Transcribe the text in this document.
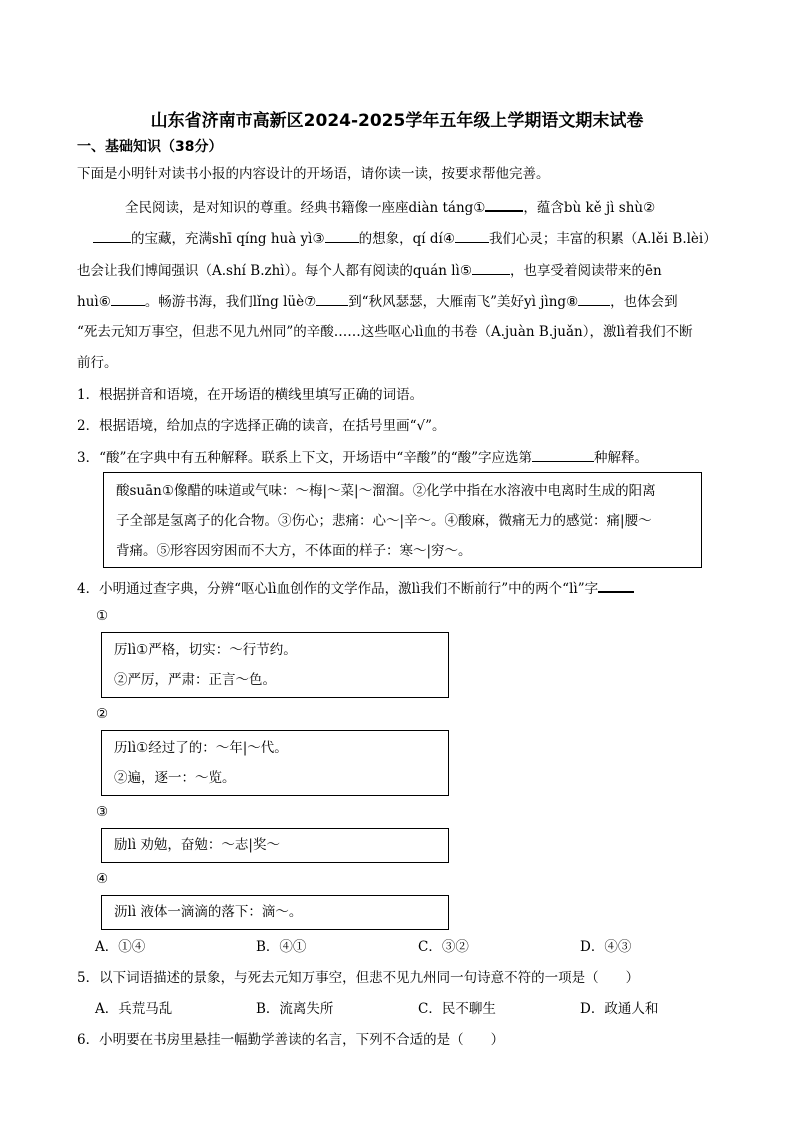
山东省济南市高新区2024-2025学年五年级上学期语文期末试卷
一、基础知识（38分）
下面是小明针对读书小报的内容设计的开场语，请你读一读，按要求帮他完善。
全民阅读，是对知识的尊重。经典书籍像一座座diàn táng①	，蕴含bù kě jì shù②
的宝藏，充满shī qíng huà yì③	的想象，qí dí④	我们心灵；丰富的积累（A.lěi B.lèi）
也会让我们博闻强识（A.shí B.zhì）。每个人都有阅读的quán lì⑤	，也享受着阅读带来的ēn
huì⑥	。畅游书海，我们lǐng lüè⑦ 到“秋风瑟瑟，大雁南飞”美好yì jìng⑧ ，也体会到
“死去元知万事空，但悲不见九州同”的辛酸……这些呕心lì血的书卷（A.juàn B.juǎn），激lì着我们不断
前行。
1．根据拼音和语境，在开场语的横线里填写正确的词语。
2．根据语境，给加点的字选择正确的读音，在括号里画“√”。
3．“酸”在字典中有五种解释。联系上下文，开场语中“辛酸”的“酸”字应选第	种解释。
酸suān①像醋的味道或气味：～梅|～菜|～溜溜。②化学中指在水溶液中电离时生成的阳离
子全部是氢离子的化合物。③伤心；悲痛：心～|辛～。④酸麻，微痛无力的感觉：痛|腰～
背痛。⑤形容因穷困而不大方，不体面的样子：寒～|穷～。
4．小明通过查字典，分辨“呕心lì血创作的文学作品，激lì我们不断前行”中的两个“lì”字
①
厉lì①严格，切实：～行节约。
②严厉，严肃：正言～色。
②
历lì①经过了的：～年|～代。
②遍，逐一：～览。
③
励lì 劝勉，奋勉：～志|奖～
④
沥lì 液体一滴滴的落下：滴～。
A．①④	B．④①	C．③②	D．④③
5．以下词语描述的景象，与死去元知万事空，但悲不见九州同一句诗意不符的一项是（　　）
A．兵荒马乱	B．流离失所	C．民不聊生	D．政通人和
6．小明要在书房里悬挂一幅勤学善读的名言，下列不合适的是（　　）
